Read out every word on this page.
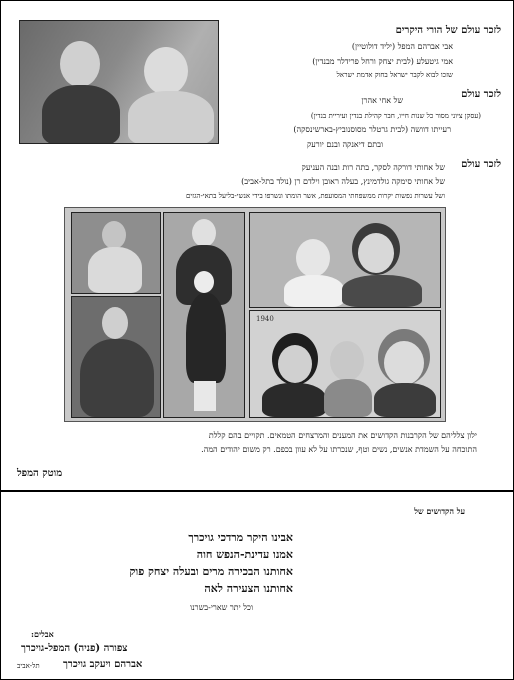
לזכר עולם של הורי היקרים
אבי אברהם המפל (יליד דולוטיין)
אמי גיטעלע (לבית יצחק ורחל פרידלר מבנדין)
שזכו לבוא לקבר ישראל בחוק אדמת ישראל
לזכר עולם
של אחי אהרן
(עסקן ציוני מסור כל שנות חייו, חבר קהילת בנדין ועיריית בנדין)
רעייתו דוושה (לבית גרטלר מסוסנוביץ-בארשינסקה)
ובתם דיאנקה ובנם יורעק
לזכר עולם
של אחותי דורקה לסקר, בתה רות ובנה העניעק
של אחותי סימקה גולדמינץ, בעלה ראובן וילדם רן (נולד בתל-אביב)
ושל עשרות נפשות יקרות ממשפחתי המסועפת, אשר הומתו ונשרפו בידי אנשי-בליעל בתאי-הגזים
1940
ילון צלליהם של הקרבנות הקדושים את המענים והמרצחים הטמאים. תקויים בהם קללת
התוכחה על השמדת אנשים, נשים וטף, שנכרתו על לא עוון בכפם. רק משום יהודים המה.
מוטק המפל
על הקדושים של
אבינו היקר מרדכי גויכרך
אמנו עדינת-הנפש חוה
אחותנו הבכירה מרים ובעלה יצחק פוק
אחותנו הצעירה לאה
וכל יתר שארי-בשרנו
אבלים:
צפורה (פניה) המפל-גויכרך
אברהם ויעקב גויכרך
תל-אביב
